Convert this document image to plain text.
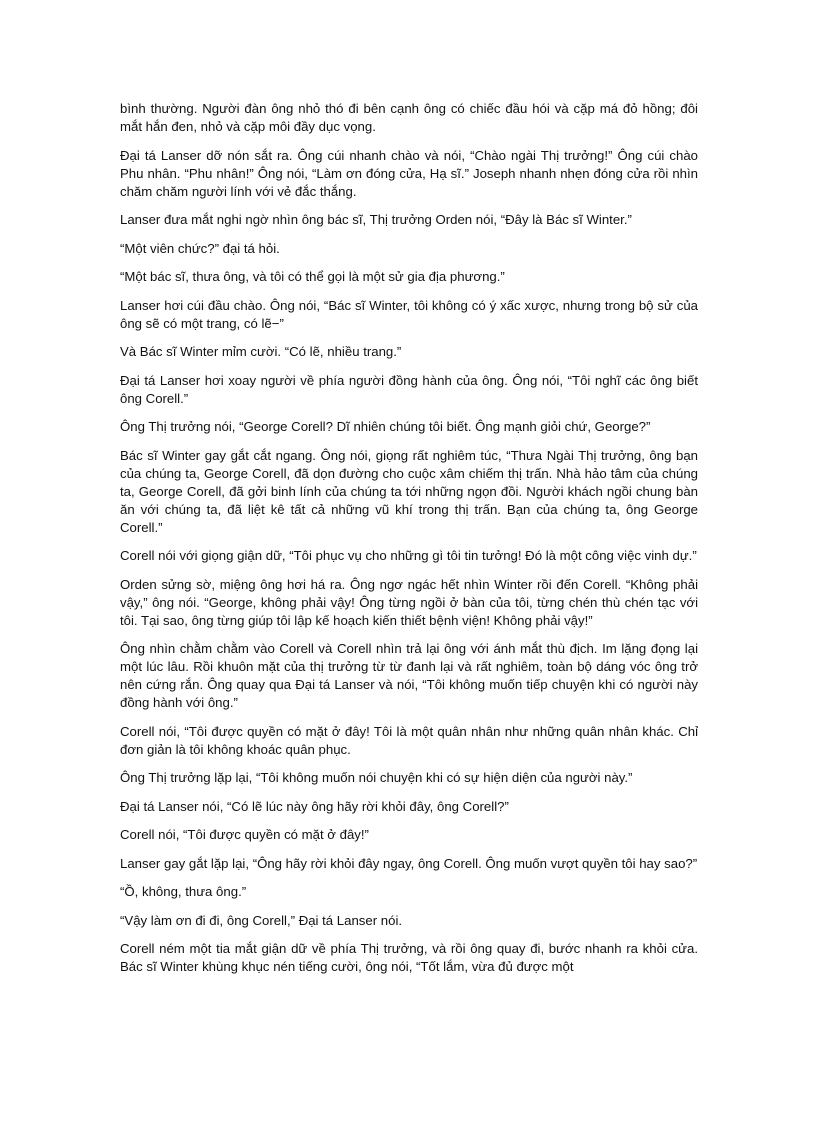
bình thường. Người đàn ông nhỏ thó đi bên cạnh ông có chiếc đầu hói và cặp má đỏ hồng; đôi mắt hắn đen, nhỏ và cặp môi đầy dục vọng.

Đại tá Lanser dỡ nón sắt ra. Ông cúi nhanh chào và nói, “Chào ngài Thị trưởng!” Ông cúi chào Phu nhân. “Phu nhân!” Ông nói, “Làm ơn đóng cửa, Hạ sĩ.” Joseph nhanh nhẹn đóng cửa rồi nhìn chăm chăm người lính với vẻ đắc thắng.

Lanser đưa mắt nghi ngờ nhìn ông bác sĩ, Thị trưởng Orden nói, “Đây là Bác sĩ Winter.”

“Một viên chức?” đại tá hỏi.

“Một bác sĩ, thưa ông, và tôi có thể gọi là một sử gia địa phương.”

Lanser hơi cúi đầu chào. Ông nói, “Bác sĩ Winter, tôi không có ý xấc xược, nhưng trong bộ sử của ông sẽ có một trang, có lẽ−”

Và Bác sĩ Winter mỉm cười. “Có lẽ, nhiều trang.”

Đại tá Lanser hơi xoay người về phía người đồng hành của ông. Ông nói, “Tôi nghĩ các ông biết ông Corell.”

Ông Thị trưởng nói, “George Corell? Dĩ nhiên chúng tôi biết. Ông mạnh giỏi chứ, George?”

Bác sĩ Winter gay gắt cắt ngang. Ông nói, giọng rất nghiêm túc, “Thưa Ngài Thị trưởng, ông bạn của chúng ta, George Corell, đã dọn đường cho cuộc xâm chiếm thị trấn. Nhà hảo tâm của chúng ta, George Corell, đã gởi binh lính của chúng ta tới những ngọn đồi. Người khách ngồi chung bàn ăn với chúng ta, đã liệt kê tất cả những vũ khí trong thị trấn. Bạn của chúng ta, ông George Corell.”

Corell nói với giọng giận dữ, “Tôi phục vụ cho những gì tôi tin tưởng! Đó là một công việc vinh dự.”

Orden sửng sờ, miệng ông hơi há ra. Ông ngơ ngác hết nhìn Winter rồi đến Corell. “Không phải vậy,” ông nói. “George, không phải vậy! Ông từng ngồi ở bàn của tôi, từng chén thù chén tạc với tôi. Tại sao, ông từng giúp tôi lập kế hoạch kiến thiết bệnh viện! Không phải vậy!”

Ông nhìn chằm chằm vào Corell và Corell nhìn trả lại ông với ánh mắt thù địch. Im lặng đọng lại một lúc lâu. Rồi khuôn mặt của thị trưởng từ từ đanh lại và rất nghiêm, toàn bộ dáng vóc ông trở nên cứng rắn. Ông quay qua Đại tá Lanser và nói, “Tôi không muốn tiếp chuyện khi có người này đồng hành với ông.”

Corell nói, “Tôi được quyền có mặt ở đây! Tôi là một quân nhân như những quân nhân khác. Chỉ đơn giản là tôi không khoác quân phục.

Ông Thị trưởng lặp lại, “Tôi không muốn nói chuyện khi có sự hiện diện của người này.”

Đại tá Lanser nói, “Có lẽ lúc này ông hãy rời khỏi đây, ông Corell?”

Corell nói, “Tôi được quyền có mặt ở đây!”

Lanser gay gắt lặp lại, “Ông hãy rời khỏi đây ngay, ông Corell. Ông muốn vượt quyền tôi hay sao?”

“Ồ, không, thưa ông.”

“Vậy làm ơn đi đi, ông Corell,” Đại tá Lanser nói.

Corell ném một tia mắt giận dữ về phía Thị trưởng, và rồi ông quay đi, bước nhanh ra khỏi cửa. Bác sĩ Winter khùng khục nén tiếng cười, ông nói, “Tốt lắm, vừa đủ được một
